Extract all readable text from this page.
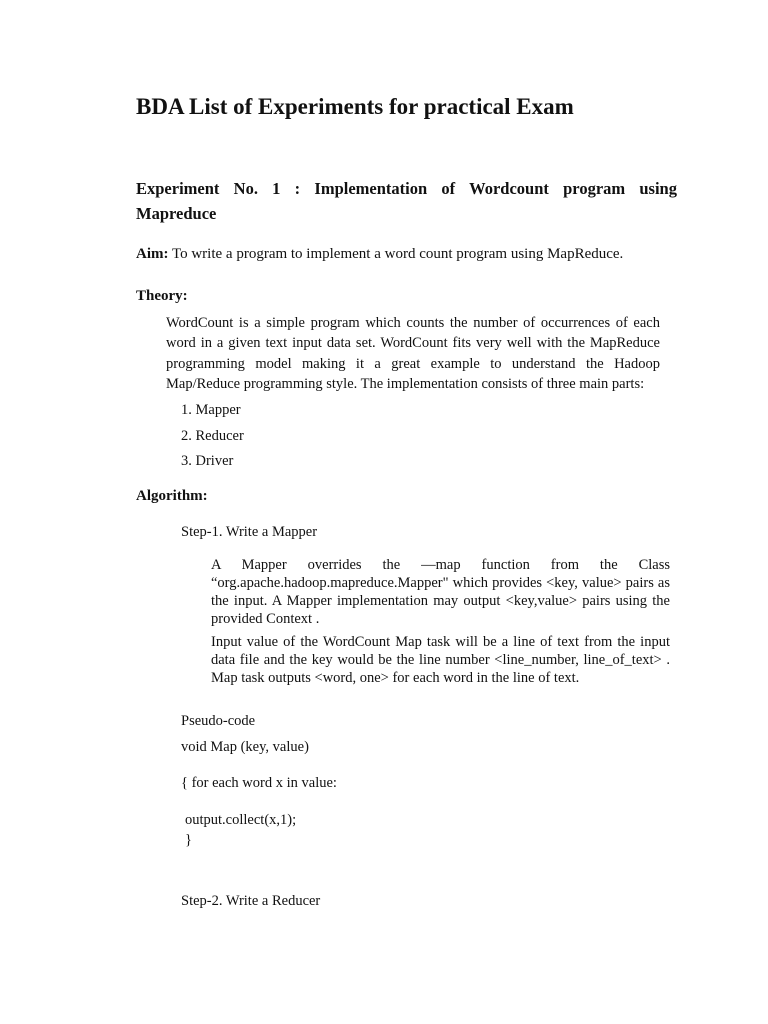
BDA List of Experiments for practical Exam
Experiment No. 1 : Implementation of Wordcount program using Mapreduce

Aim: To write a program to implement a word count program using MapReduce.

Theory:

WordCount is a simple program which counts the number of occurrences of each word in a given text input data set. WordCount fits very well with the MapReduce programming model making it a great example to understand the Hadoop Map/Reduce programming style. The implementation consists of three main parts:

1. Mapper
2. Reducer
3. Driver

Algorithm:

Step-1. Write a Mapper

A Mapper overrides the —map function from the Class “org.apache.hadoop.mapreduce.Mapper" which provides <key, value> pairs as the input. A Mapper implementation may output <key,value> pairs using the provided Context .

Input value of the WordCount Map task will be a line of text from the input data file and the key would be the line number <line_number, line_of_text> . Map task outputs <word, one> for each word in the line of text.

Pseudo-code

void Map (key, value)

{ for each word x in value:

output.collect(x,1);

}

Step-2. Write a Reducer
